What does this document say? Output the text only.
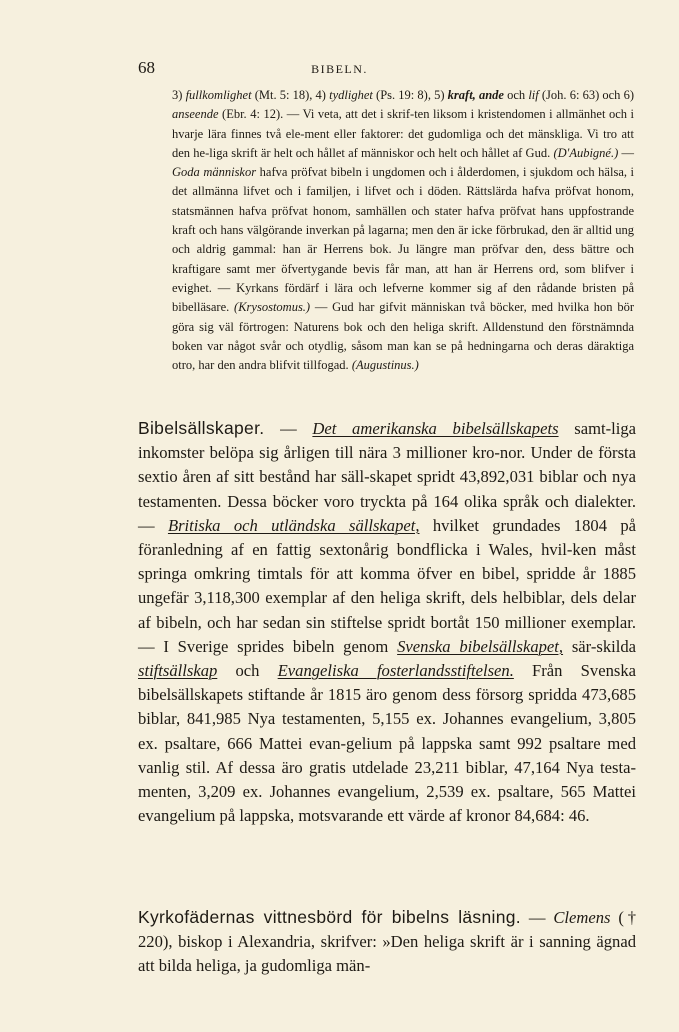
68	BIBELN.

3) fullkomlighet (Mt. 5: 18), 4) tydlighet (Ps. 19: 8), 5) kraft, ande och lif (Joh. 6: 63) och 6) anseende (Ebr. 4: 12). — Vi veta, att det i skrif-ten liksom i kristendomen i allmänhet och i hvarje lära finnes två ele-ment eller faktorer: det gudomliga och det mänskliga. Vi tro att den he-liga skrift är helt och hållet af människor och helt och hållet af Gud. (D'Aubigné.) — Goda människor hafva pröfvat bibeln i ungdomen och i ålderdomen, i sjukdom och hälsa, i det allmänna lifvet och i familjen, i lifvet och i döden. Rättslärda hafva pröfvat honom, statsmännen hafva pröfvat honom, samhällen och stater hafva pröfvat hans uppfostrande kraft och hans välgörande inverkan på lagarna; men den är icke förbrukad, den är alltid ung och aldrig gammal: han är Herrens bok. Ju längre man pröfvar den, dess bättre och kraftigare samt mer öfvertygande bevis får man, att han är Herrens ord, som blifver i evighet. — Kyrkans fördärf i lära och lefverne kommer sig af den rådande bristen på bibelläsare. (Krysostomus.) — Gud har gifvit människan två böcker, med hvilka hon bör göra sig väl förtrogen: Naturens bok och den heliga skrift. Alldenstund den förstnämnda boken var något svår och otydlig, såsom man kan se på hedningarna och deras däraktiga otro, har den andra blifvit tillfogad. (Augustinus.)

Bibelsällskaper. — Det amerikanska bibelsällskapets samt-liga inkomster belöpa sig årligen till nära 3 millioner kro-nor. Under de första sextio åren af sitt bestånd har säll-skapet spridt 43,892,031 biblar och nya testamenten. Dessa böcker voro tryckta på 164 olika språk och dialekter. — Britiska och utländska sällskapet, hvilket grundades 1804 på föranledning af en fattig sextonårig bondflicka i Wales, hvil-ken måst springa omkring timtals för att komma öfver en bibel, spridde år 1885 ungefär 3,118,300 exemplar af den heliga skrift, dels helbiblar, dels delar af bibeln, och har sedan sin stiftelse spridt bortåt 150 millioner exemplar. — I Sverige sprides bibeln genom Svenska bibelsällskapet, sär-skilda stiftsällskap och Evangeliska fosterlandsstiftelsen. Från Svenska bibelsällskapets stiftande år 1815 äro genom dess försorg spridda 473,685 biblar, 841,985 Nya testamenten, 5,155 ex. Johannes evangelium, 3,805 ex. psaltare, 666 Mattei evan-gelium på lappska samt 992 psaltare med vanlig stil. Af dessa äro gratis utdelade 23,211 biblar, 47,164 Nya testa-menten, 3,209 ex. Johannes evangelium, 2,539 ex. psaltare, 565 Mattei evangelium på lappska, motsvarande ett värde af kronor 84,684: 46.

Kyrkofädernas vittnesbörd för bibelns läsning. — Clemens († 220), biskop i Alexandria, skrifver: »Den heliga skrift är i sanning ägnad att bilda heliga, ja gudomliga män-
